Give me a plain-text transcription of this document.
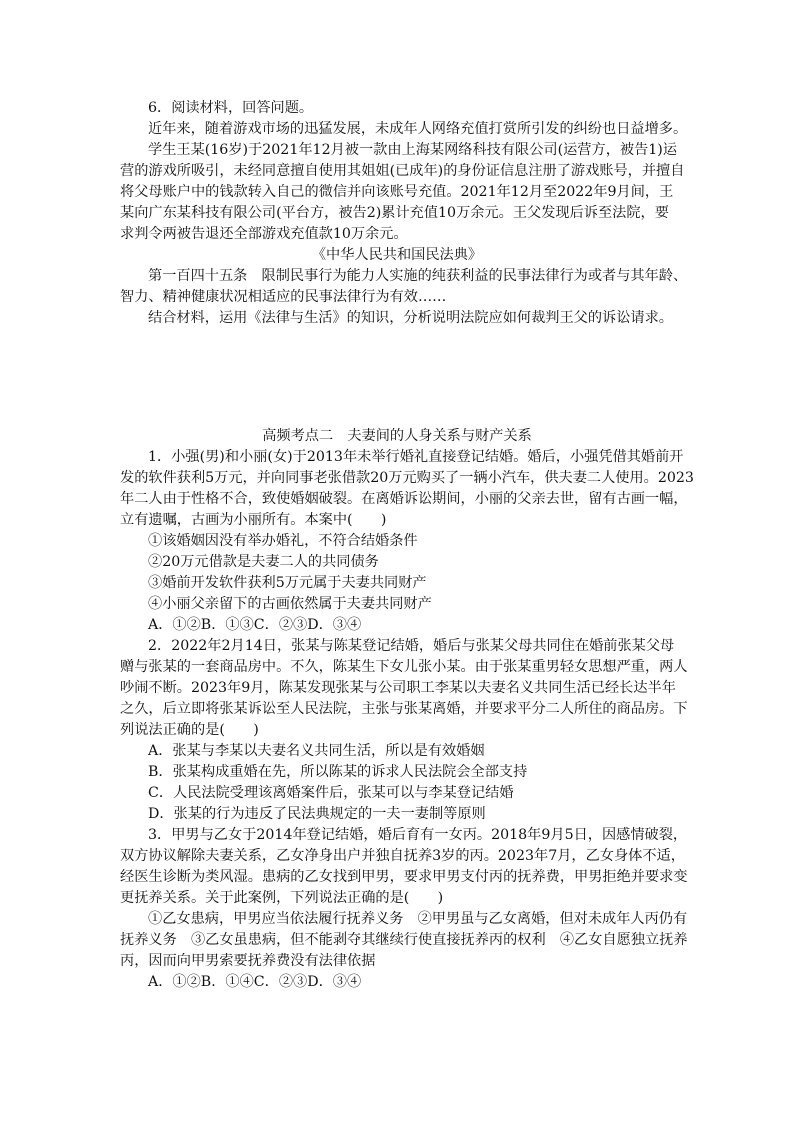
6．阅读材料，回答问题。
近年来，随着游戏市场的迅猛发展，未成年人网络充值打赏所引发的纠纷也日益增多。
学生王某(16岁)于2021年12月被一款由上海某网络科技有限公司(运营方，被告1)运
营的游戏所吸引，未经同意擅自使用其姐姐(已成年)的身份证信息注册了游戏账号，并擅自
将父母账户中的钱款转入自己的微信并向该账号充值。2021年12月至2022年9月间，王
某向广东某科技有限公司(平台方，被告2)累计充值10万余元。王父发现后诉至法院，要
求判令两被告退还全部游戏充值款10万余元。
《中华人民共和国民法典》
第一百四十五条　限制民事行为能力人实施的纯获利益的民事法律行为或者与其年龄、
智力、精神健康状况相适应的民事法律行为有效……
结合材料，运用《法律与生活》的知识，分析说明法院应如何裁判王父的诉讼请求。
高频考点二　夫妻间的人身关系与财产关系
1．小强(男)和小丽(女)于2013年未举行婚礼直接登记结婚。婚后，小强凭借其婚前开
发的软件获利5万元，并向同事老张借款20万元购买了一辆小汽车，供夫妻二人使用。2023
年二人由于性格不合，致使婚姻破裂。在离婚诉讼期间，小丽的父亲去世，留有古画一幅，
立有遗嘱，古画为小丽所有。本案中(　　)
①该婚姻因没有举办婚礼，不符合结婚条件
②20万元借款是夫妻二人的共同债务
③婚前开发软件获利5万元属于夫妻共同财产
④小丽父亲留下的古画依然属于夫妻共同财产
A．①②B．①③C．②③D．③④
2．2022年2月14日，张某与陈某登记结婚，婚后与张某父母共同住在婚前张某父母
赠与张某的一套商品房中。不久，陈某生下女儿张小某。由于张某重男轻女思想严重，两人
吵闹不断。2023年9月，陈某发现张某与公司职工李某以夫妻名义共同生活已经长达半年
之久，后立即将张某诉讼至人民法院，主张与张某离婚，并要求平分二人所住的商品房。下
列说法正确的是(　　)
A．张某与李某以夫妻名义共同生活，所以是有效婚姻
B．张某构成重婚在先，所以陈某的诉求人民法院会全部支持
C．人民法院受理该离婚案件后，张某可以与李某登记结婚
D．张某的行为违反了民法典规定的一夫一妻制等原则
3．甲男与乙女于2014年登记结婚，婚后育有一女丙。2018年9月5日，因感情破裂，
双方协议解除夫妻关系，乙女净身出户并独自抚养3岁的丙。2023年7月，乙女身体不适，
经医生诊断为类风湿。患病的乙女找到甲男，要求甲男支付丙的抚养费，甲男拒绝并要求变
更抚养关系。关于此案例，下列说法正确的是(　　)
①乙女患病，甲男应当依法履行抚养义务　②甲男虽与乙女离婚，但对未成年人丙仍有
抚养义务　③乙女虽患病，但不能剥夺其继续行使直接抚养丙的权利　④乙女自愿独立抚养
丙，因而向甲男索要抚养费没有法律依据
A．①②B．①④C．②③D．③④
